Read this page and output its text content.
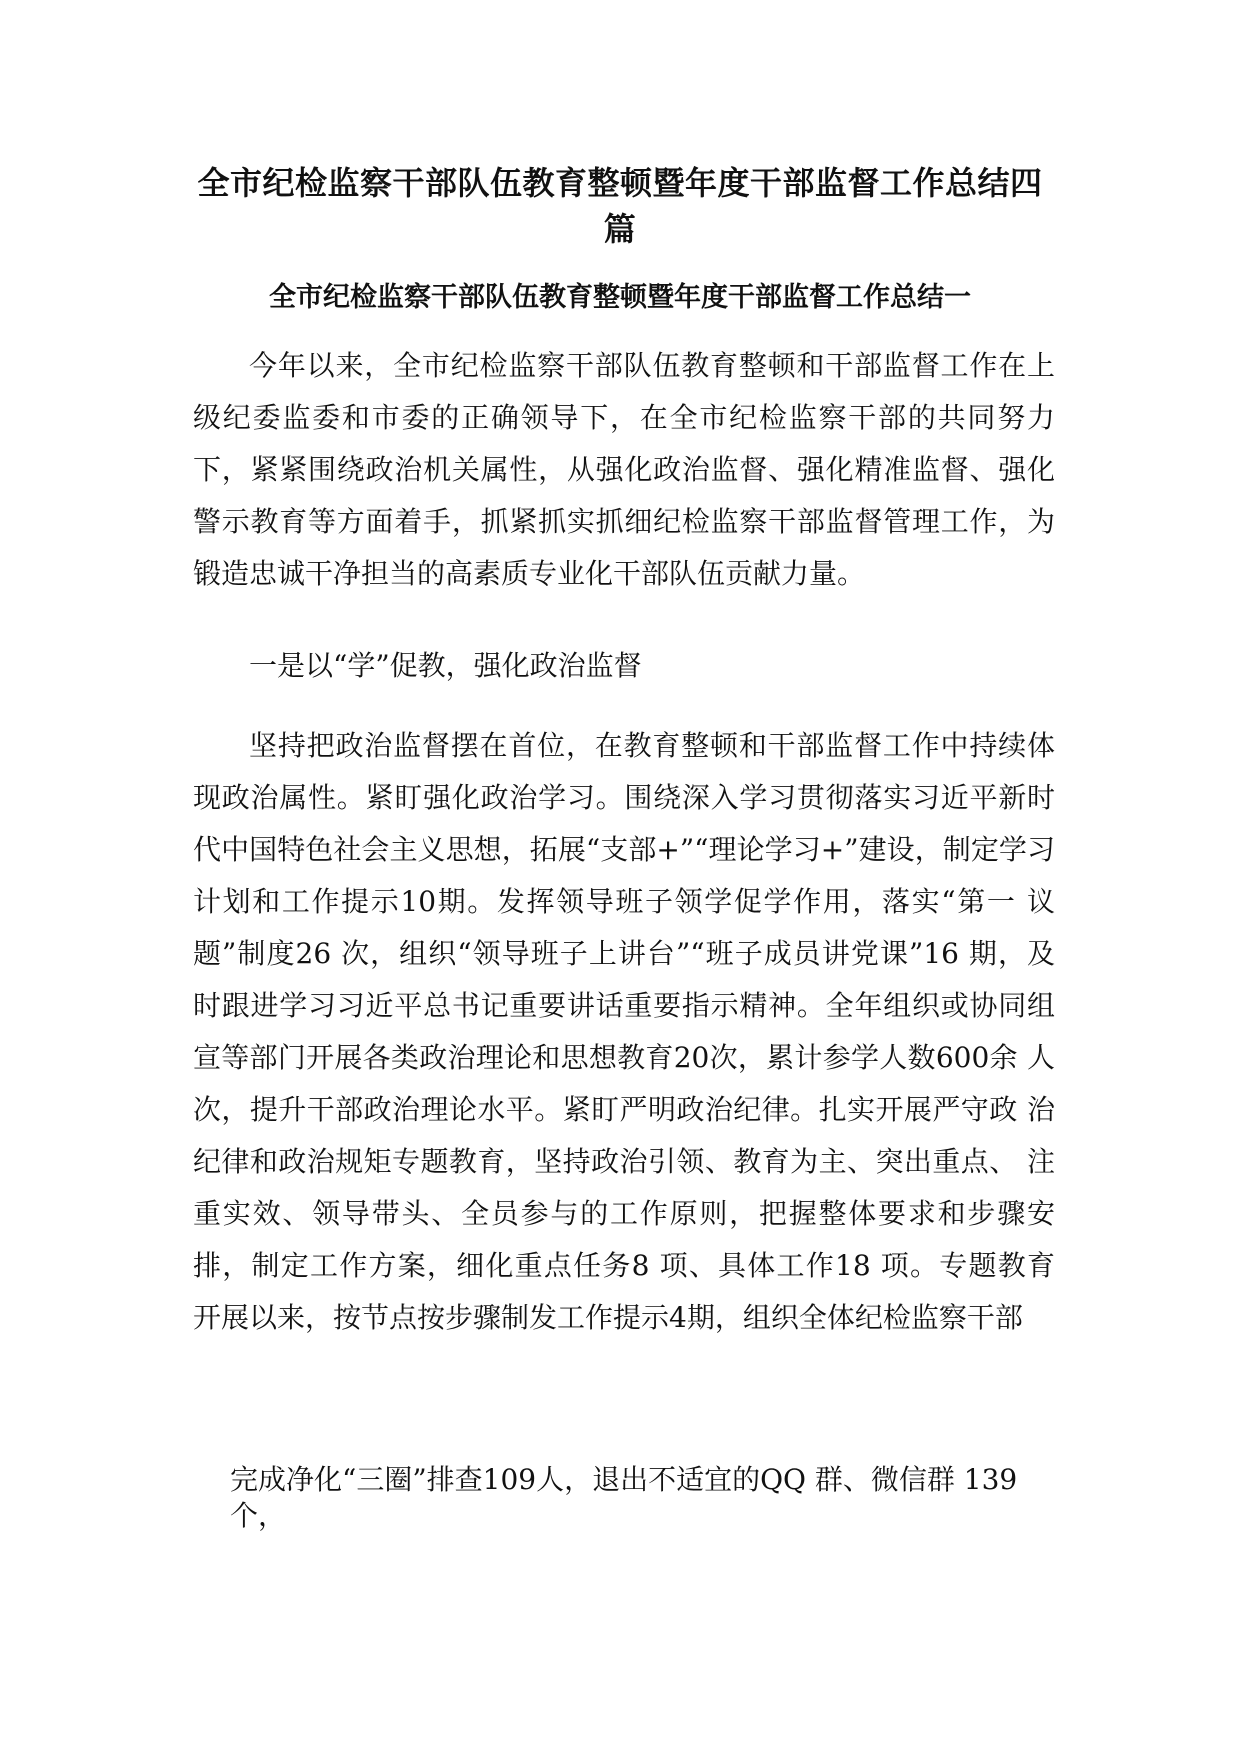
全市纪检监察干部队伍教育整顿暨年度干部监督工作总结四篇
全市纪检监察干部队伍教育整顿暨年度干部监督工作总结一

今年以来，全市纪检监察干部队伍教育整顿和干部监督工作在上级纪委监委和市委的正确领导下，在全市纪检监察干部的共同努力下，紧紧围绕政治机关属性，从强化政治监督、强化精准监督、强化警示教育等方面着手，抓紧抓实抓细纪检监察干部监督管理工作，为锻造忠诚干净担当的高素质专业化干部队伍贡献力量。

一是以“学”促教，强化政治监督

坚持把政治监督摆在首位，在教育整顿和干部监督工作中持续体现政治属性。紧盯强化政治学习。围绕深入学习贯彻落实习近平新时代中国特色社会主义思想，拓展“支部+”“理论学习+”建设，制定学习计划和工作提示10期。发挥领导班子领学促学作用，落实“第一 议题”制度26 次，组织“领导班子上讲台”“班子成员讲党课”16 期，及 时跟进学习习近平总书记重要讲话重要指示精神。全年组织或协同组 宣等部门开展各类政治理论和思想教育20次，累计参学人数600余 人次，提升干部政治理论水平。紧盯严明政治纪律。扎实开展严守政 治纪律和政治规矩专题教育，坚持政治引领、教育为主、突出重点、 注重实效、领导带头、全员参与的工作原则，把握整体要求和步骤安 排，制定工作方案，细化重点任务8 项、具体工作18 项。专题教育 开展以来，按节点按步骤制发工作提示4期，组织全体纪检监察干部

完成净化“三圈”排查109人，退出不适宜的QQ 群、微信群 139个，
